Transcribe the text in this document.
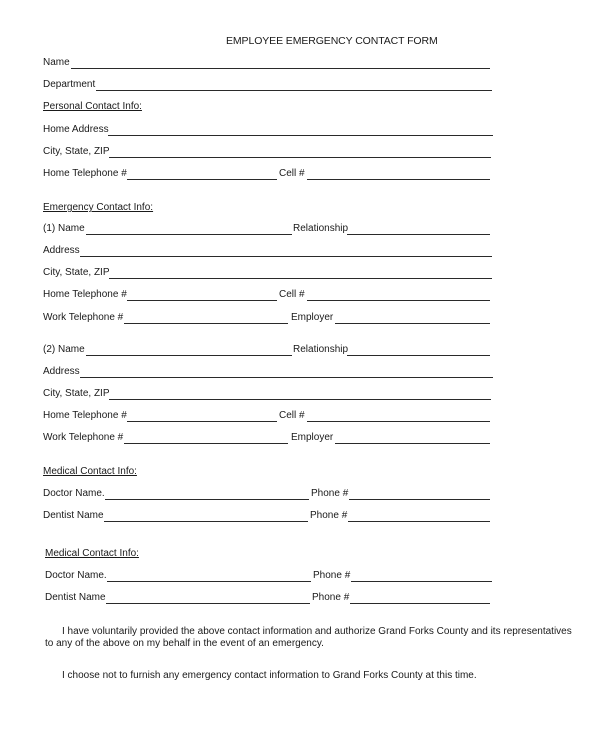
EMPLOYEE EMERGENCY CONTACT FORM
Name
Department
Personal Contact Info:
Home Address
City, State, ZIP
Home Telephone #	Cell #
Emergency Contact Info:
(1) Name	Relationship
Address
City, State, ZIP
Home Telephone #	Cell #
Work Telephone #	Employer
(2) Name	Relationship
Address
City, State, ZIP
Home Telephone #	Cell #
Work Telephone #	Employer
Medical Contact Info:
Doctor Name.	Phone #
Dentist Name	Phone #
Medical Contact Info:
Doctor Name.	Phone #
Dentist Name	Phone #
I have voluntarily provided the above contact information and authorize Grand Forks County and its representatives to any of the above on my behalf in the event of an emergency.
I choose not to furnish any emergency contact information to Grand Forks County at this time.
